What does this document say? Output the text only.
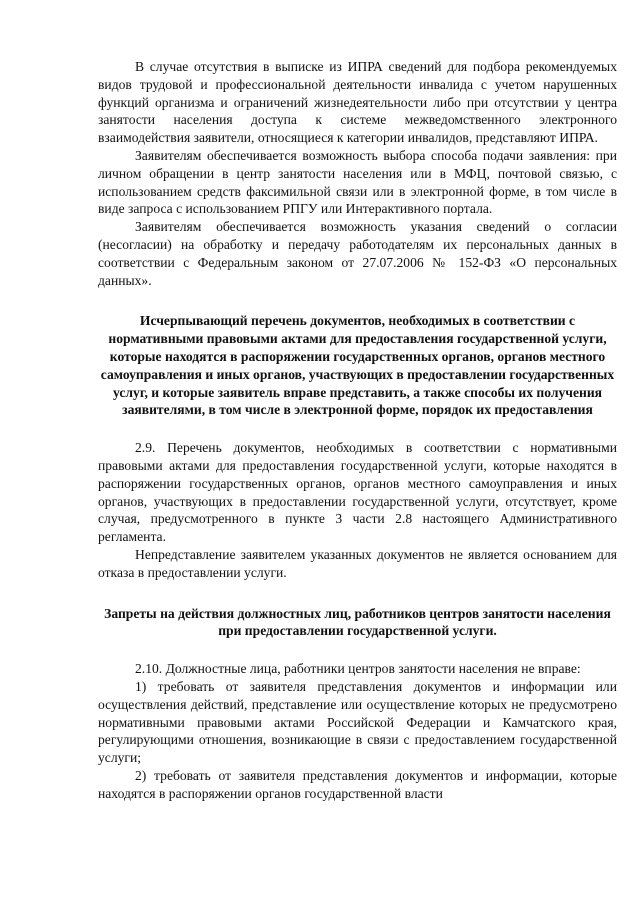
В случае отсутствия в выписке из ИПРА сведений для подбора рекомендуемых видов трудовой и профессиональной деятельности инвалида с учетом нарушенных функций организма и ограничений жизнедеятельности либо при отсутствии у центра занятости населения доступа к системе межведомственного электронного взаимодействия заявители, относящиеся к категории инвалидов, представляют ИПРА.

Заявителям обеспечивается возможность выбора способа подачи заявления: при личном обращении в центр занятости населения или в МФЦ, почтовой связью, с использованием средств факсимильной связи или в электронной форме, в том числе в виде запроса с использованием РПГУ или Интерактивного портала.

Заявителям обеспечивается возможность указания сведений о согласии (несогласии) на обработку и передачу работодателям их персональных данных в соответствии с Федеральным законом от 27.07.2006 № 152-ФЗ «О персональных данных».

Исчерпывающий перечень документов, необходимых в соответствии с нормативными правовыми актами для предоставления государственной услуги, которые находятся в распоряжении государственных органов, органов местного самоуправления и иных органов, участвующих в предоставлении государственных услуг, и которые заявитель вправе представить, а также способы их получения заявителями, в том числе в электронной форме, порядок их предоставления

2.9. Перечень документов, необходимых в соответствии с нормативными правовыми актами для предоставления государственной услуги, которые находятся в распоряжении государственных органов, органов местного самоуправления и иных органов, участвующих в предоставлении государственной услуги, отсутствует, кроме случая, предусмотренного в пункте 3 части 2.8 настоящего Административного регламента.

Непредставление заявителем указанных документов не является основанием для отказа в предоставлении услуги.

Запреты на действия должностных лиц, работников центров занятости населения при предоставлении государственной услуги.

2.10. Должностные лица, работники центров занятости населения не вправе:

1) требовать от заявителя представления документов и информации или осуществления действий, представление или осуществление которых не предусмотрено нормативными правовыми актами Российской Федерации и Камчатского края, регулирующими отношения, возникающие в связи с предоставлением государственной услуги;

2) требовать от заявителя представления документов и информации, которые находятся в распоряжении органов государственной власти
